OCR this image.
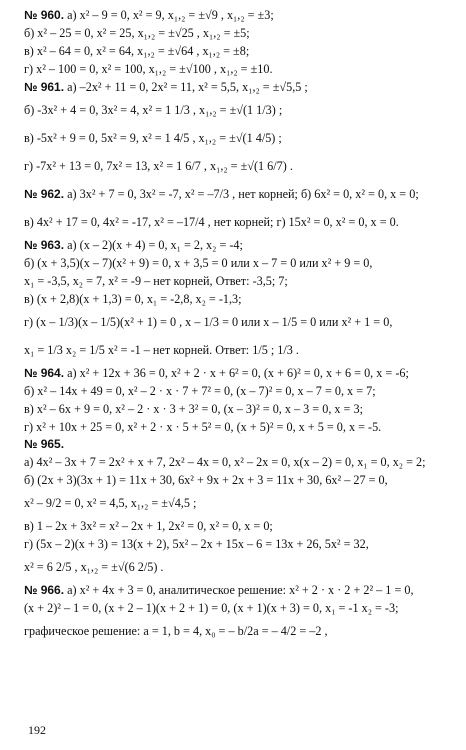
№ 960. а) x² – 9 = 0, x² = 9, x₁,₂ = ±√9 , x₁,₂ = ±3;
б) x² – 25 = 0, x² = 25, x₁,₂ = ±√25 , x₁,₂ = ±5;
в) x² – 64 = 0, x² = 64, x₁,₂ = ±√64 , x₁,₂ = ±8;
г) x² – 100 = 0, x² = 100, x₁,₂ = ±√100 , x₁,₂ = ±10.
№ 961. а) –2x² + 11 = 0, 2x² = 11, x² = 5,5, x₁,₂ = ±√5,5 ;
б) -3x² + 4 = 0, 3x² = 4, x² = 1 1/3 , x₁,₂ = ±√(1 1/3) ;
в) -5x² + 9 = 0, 5x² = 9, x² = 1 4/5 , x₁,₂ = ±√(1 4/5) ;
г) -7x² + 13 = 0, 7x² = 13, x² = 1 6/7 , x₁,₂ = ±√(1 6/7) .
№ 962. а) 3x² + 7 = 0, 3x² = -7, x² = –7/3 , нет корней; б) 6x² = 0, x² = 0, x = 0;
в) 4x² + 17 = 0, 4x² = -17, x² = –17/4 , нет корней; г) 15x² = 0, x² = 0, x = 0.
№ 963. а) (x – 2)(x + 4) = 0, x₁ = 2, x₂ = -4;
б) (x + 3,5)(x – 7)(x² + 9) = 0, x + 3,5 = 0 или x – 7 = 0 или x² + 9 = 0,
x₁ = -3,5, x₂ = 7, x² = -9 – нет корней, Ответ: -3,5; 7;
в) (x + 2,8)(x + 1,3) = 0, x₁ = -2,8, x₂ = -1,3;
г) (x – 1/3)(x – 1/5)(x² + 1) = 0 , x – 1/3 = 0 или x – 1/5 = 0 или x² + 1 = 0,
x₁ = 1/3 x₂ = 1/5 x² = -1 – нет корней. Ответ: 1/5 ; 1/3 .
№ 964. а) x² + 12x + 36 = 0, x² + 2 · x + 6² = 0, (x + 6)² = 0, x + 6 = 0, x = -6;
б) x² – 14x + 49 = 0, x² – 2 · x · 7 + 7² = 0, (x – 7)² = 0, x – 7 = 0, x = 7;
в) x² – 6x + 9 = 0, x² – 2 · x · 3 + 3² = 0, (x – 3)² = 0, x – 3 = 0, x = 3;
г) x² + 10x + 25 = 0, x² + 2 · x · 5 + 5² = 0, (x + 5)² = 0, x + 5 = 0, x = -5.
№ 965.
а) 4x² – 3x + 7 = 2x² + x + 7, 2x² – 4x = 0, x² – 2x = 0, x(x – 2) = 0, x₁ = 0, x₂ = 2;
б) (2x + 3)(3x + 1) = 11x + 30, 6x² + 9x + 2x + 3 = 11x + 30, 6x² – 27 = 0,
x² – 9/2 = 0, x² = 4,5, x₁,₂ = ±√4,5 ;
в) 1 – 2x + 3x² = x² – 2x + 1, 2x² = 0, x² = 0, x = 0;
г) (5x – 2)(x + 3) = 13(x + 2), 5x² – 2x + 15x – 6 = 13x + 26, 5x² = 32,
x² = 6 2/5 , x₁,₂ = ±√(6 2/5) .
№ 966. а) x² + 4x + 3 = 0, аналитическое решение: x² + 2 · x · 2 + 2² – 1 = 0,
(x + 2)² – 1 = 0, (x + 2 – 1)(x + 2 + 1) = 0, (x + 1)(x + 3) = 0, x₁ = -1 x₂ = -3;
графическое решение: a = 1, b = 4, x₀ = – b/2a = – 4/2 = –2 ,
192
